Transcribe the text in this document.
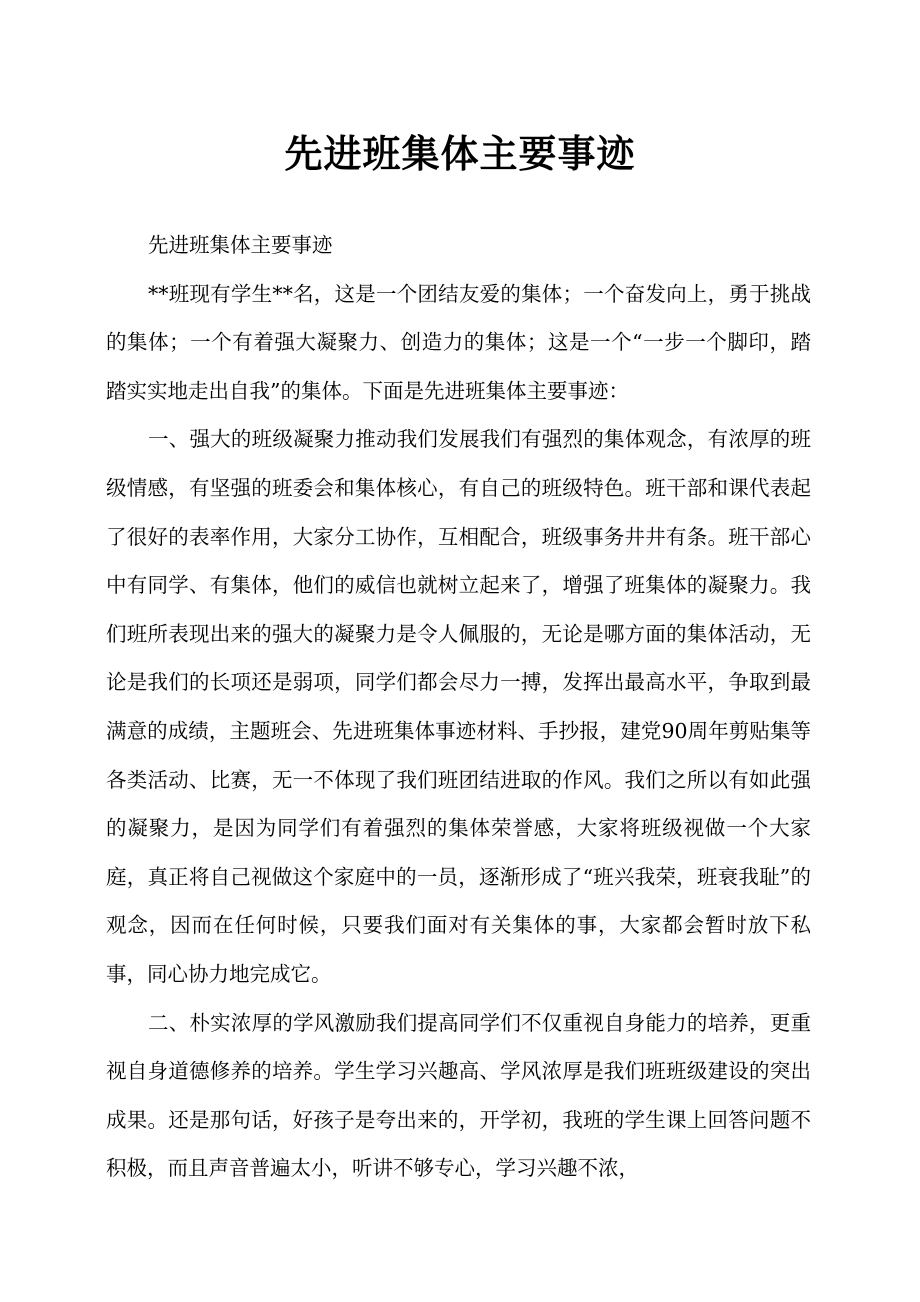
先进班集体主要事迹

先进班集体主要事迹

**班现有学生**名，这是一个团结友爱的集体；一个奋发向上，勇于挑战的集体；一个有着强大凝聚力、创造力的集体；这是一个“一步一个脚印，踏踏实实地走出自我”的集体。下面是先进班集体主要事迹：

一、强大的班级凝聚力推动我们发展我们有强烈的集体观念，有浓厚的班级情感，有坚强的班委会和集体核心，有自己的班级特色。班干部和课代表起了很好的表率作用，大家分工协作，互相配合，班级事务井井有条。班干部心中有同学、有集体，他们的威信也就树立起来了，增强了班集体的凝聚力。我们班所表现出来的强大的凝聚力是令人佩服的，无论是哪方面的集体活动，无论是我们的长项还是弱项，同学们都会尽力一搏，发挥出最高水平，争取到最满意的成绩，主题班会、先进班集体事迹材料、手抄报，建党90周年剪贴集等各类活动、比赛，无一不体现了我们班团结进取的作风。我们之所以有如此强的凝聚力，是因为同学们有着强烈的集体荣誉感，大家将班级视做一个大家庭，真正将自己视做这个家庭中的一员，逐渐形成了“班兴我荣，班衰我耻”的观念，因而在任何时候，只要我们面对有关集体的事，大家都会暂时放下私事，同心协力地完成它。

二、朴实浓厚的学风激励我们提高同学们不仅重视自身能力的培养，更重视自身道德修养的培养。学生学习兴趣高、学风浓厚是我们班班级建设的突出成果。还是那句话，好孩子是夸出来的，开学初，我班的学生课上回答问题不积极，而且声音普遍太小，听讲不够专心，学习兴趣不浓，
